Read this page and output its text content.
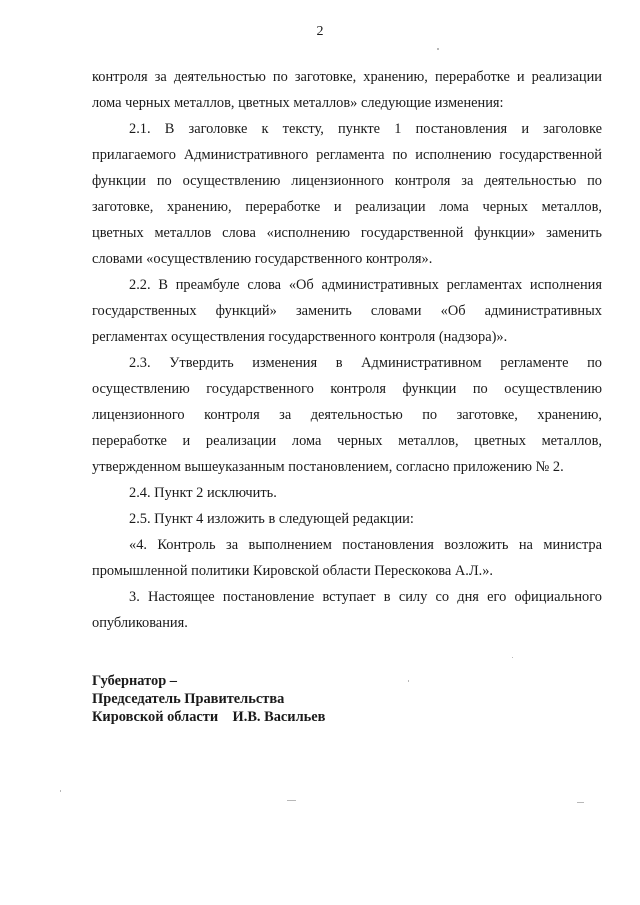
2
контроля за деятельностью по заготовке, хранению, переработке и реализации
лома черных металлов, цветных металлов» следующие изменения:
2.1. В заголовке к тексту, пункте 1 постановления и заголовке
прилагаемого Административного регламента по исполнению государственной
функции по осуществлению лицензионного контроля за деятельностью по
заготовке, хранению, переработке и реализации лома черных металлов,
цветных металлов слова «исполнению государственной функции» заменить
словами «осуществлению государственного контроля».
2.2. В преамбуле слова «Об административных регламентах исполнения
государственных функций» заменить словами «Об административных
регламентах осуществления государственного контроля (надзора)».
2.3. Утвердить изменения в Административном регламенте по
осуществлению государственного контроля функции по осуществлению
лицензионного контроля за деятельностью по заготовке, хранению,
переработке и реализации лома черных металлов, цветных металлов,
утвержденном вышеуказанным постановлением, согласно приложению № 2.
2.4. Пункт 2 исключить.
2.5. Пункт 4 изложить в следующей редакции:
«4. Контроль за выполнением постановления возложить на министра
промышленной политики Кировской области Перескокова А.Л.».
3. Настоящее постановление вступает в силу со дня его официального
опубликования.
Губернатор –
Председатель Правительства
Кировской области    И.В. Васильев
